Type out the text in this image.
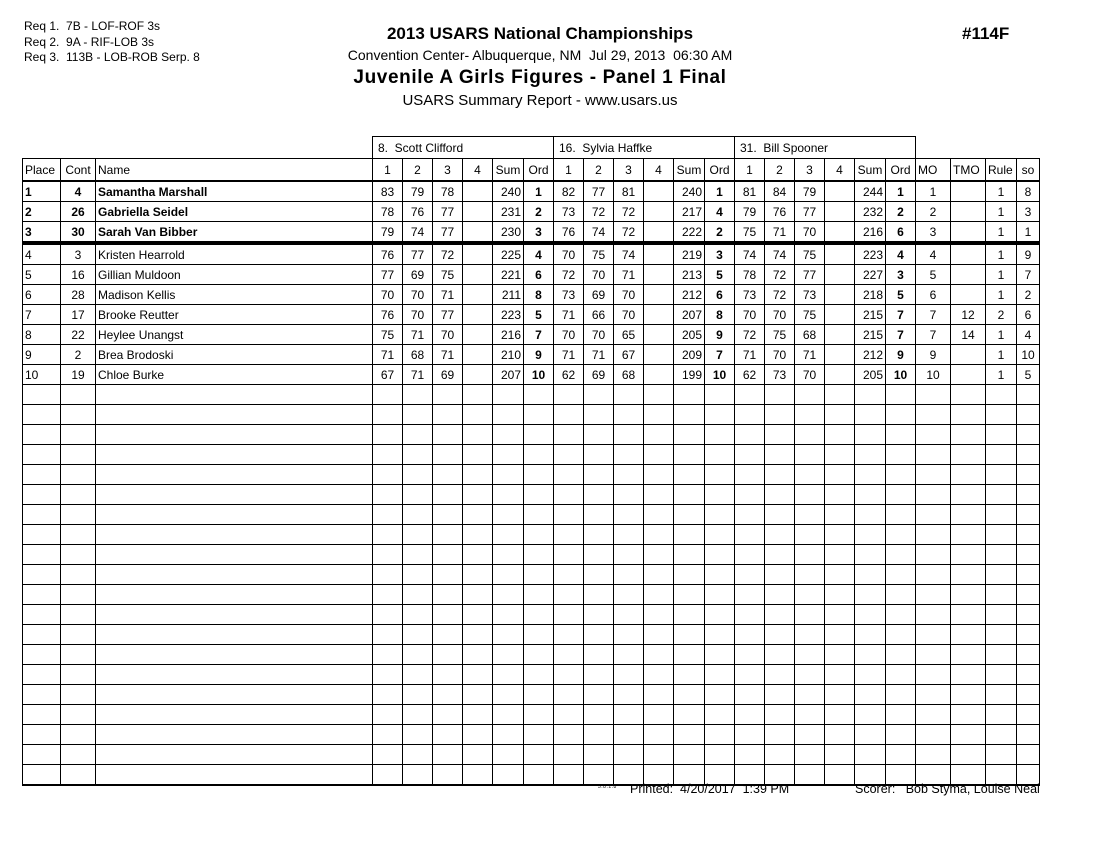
Req 1.  7B - LOF-ROF 3s
Req 2.  9A - RIF-LOB 3s
Req 3.  113B - LOB-ROB Serp. 8
2013 USARS National Championships
Convention Center- Albuquerque, NM  Jul 29, 2013  06:30 AM
Juvenile A Girls Figures - Panel 1 Final
USARS Summary Report - www.usars.us
#114F
			8.  Scott Clifford						16.  Sylvia Haffke						31.  Bill Spooner									
Place	Cont	Name	1	2	3	4	Sum	Ord	1	2	3	4	Sum	Ord	1	2	3	4	Sum	Ord	MO	TMO	Rule	so
1	4	Samantha Marshall	83	79	78		240	1	82	77	81		240	1	81	84	79		244	1	1		1	8
2	26	Gabriella Seidel	78	76	77		231	2	73	72	72		217	4	79	76	77		232	2	2		1	3
3	30	Sarah Van Bibber	79	74	77		230	3	76	74	72		222	2	75	71	70		216	6	3		1	1
4	3	Kristen Hearrold	76	77	72		225	4	70	75	74		219	3	74	74	75		223	4	4		1	9
5	16	Gillian Muldoon	77	69	75		221	6	72	70	71		213	5	78	72	77		227	3	5		1	7
6	28	Madison Kellis	70	70	71		211	8	73	69	70		212	6	73	72	73		218	5	6		1	2
7	17	Brooke Reutter	76	70	77		223	5	71	66	70		207	8	70	70	75		215	7	7	12	2	6
8	22	Heylee Unangst	75	71	70		216	7	70	70	65		205	9	72	75	68		215	7	7	14	1	4
9	2	Brea Brodoski	71	68	71		210	9	71	71	67		209	7	71	70	71		212	9	9		1	10
10	19	Chloe Burke	67	71	69		207	10	62	69	68		199	10	62	73	70		205	10	10		1	5

3.8.1.8 Printed:  4/20/2017  1:39 PM	Scorer:   Bob Styma, Louise Neal
